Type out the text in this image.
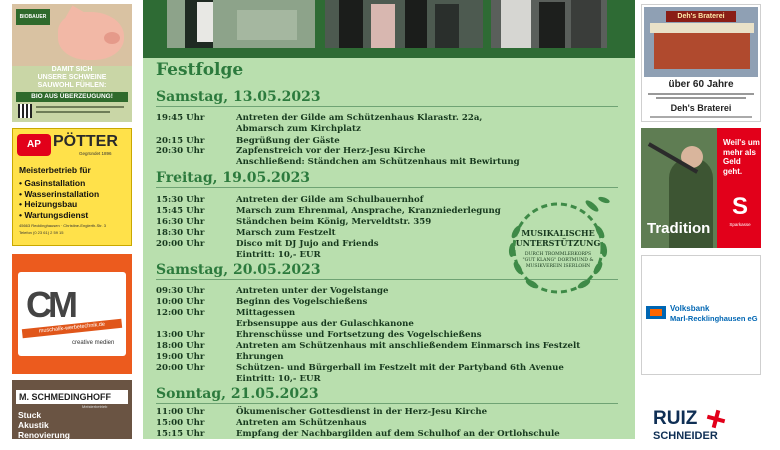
BIOBAUER
DAMIT SICH
UNSERE SCHWEINE
SAUWOHL FÜHLEN:
BIO AUS ÜBERZEUGUNG!
AP PÖTTER
Gegründet 1896
Meisterbetrieb für
• Gasinstallation
• Wasserinstallation
• Heizungsbau
• Wartungsdienst
45663 Recklinghausen · Christine-Englerth-Str. 3
Telefon (0 23 61) 2 59 15
CM
muschalik-werbetechnik.de
creative medien
M. SCHMEDINGHOFF
Meisterbetrieb
Stuck
Akustik
Renovierung
Trockenbau
Festfolge
Samstag, 13.05.2023
19:45 Uhr	Antreten der Gilde am Schützenhaus Klarastr. 22a,
Abmarsch zum Kirchplatz
20:15 Uhr	Begrüßung der Gäste
20:30 Uhr	Zapfenstreich vor der Herz-Jesu Kirche
Anschließend: Ständchen am Schützenhaus mit Bewirtung
Freitag, 19.05.2023
15:30 Uhr	Antreten der Gilde am Schulbauernhof
15:45 Uhr	Marsch zum Ehrenmal, Ansprache, Kranzniederlegung
16:30 Uhr	Ständchen beim König, Merveldtstr. 359
18:30 Uhr	Marsch zum Festzelt
20:00 Uhr	Disco mit DJ Jujo and Friends
Eintritt: 10,- EUR
Samstag, 20.05.2023
09:30 Uhr	Antreten unter der Vogelstange
10:00 Uhr	Beginn des Vogelschießens
12:00 Uhr	Mittagessen
Erbsensuppe aus der Gulaschkanone
13:00 Uhr	Ehrenschüsse und Fortsetzung des Vogelschießens
18:00 Uhr	Antreten am Schützenhaus mit anschließendem Einmarsch ins Festzelt
19:00 Uhr	Ehrungen
20:00 Uhr	Schützen- und Bürgerball im Festzelt mit der Partyband 6th Avenue
Eintritt: 10,- EUR
Sonntag, 21.05.2023
11:00 Uhr	Ökumenischer Gottesdienst in der Herz-Jesu Kirche
15:00 Uhr	Antreten am Schützenhaus
15:15 Uhr	Empfang der Nachbargilden auf dem Schulhof an der Ortlohschule
MUSIKALISCHE
UNTERSTÜTZUNG
DURCH TROMMLERKORPS
"GUT KLANG" DORTMUND &
MUSIKVEREIN ISERLOHN
Deh's Braterei
über 60 Jahre
Deh's Braterei
Weil's um
mehr als
Geld geht.
S
Sparkasse
Tradition
Volksbank
Marl-Recklinghausen eG
RUIZ
SCHNEIDER
